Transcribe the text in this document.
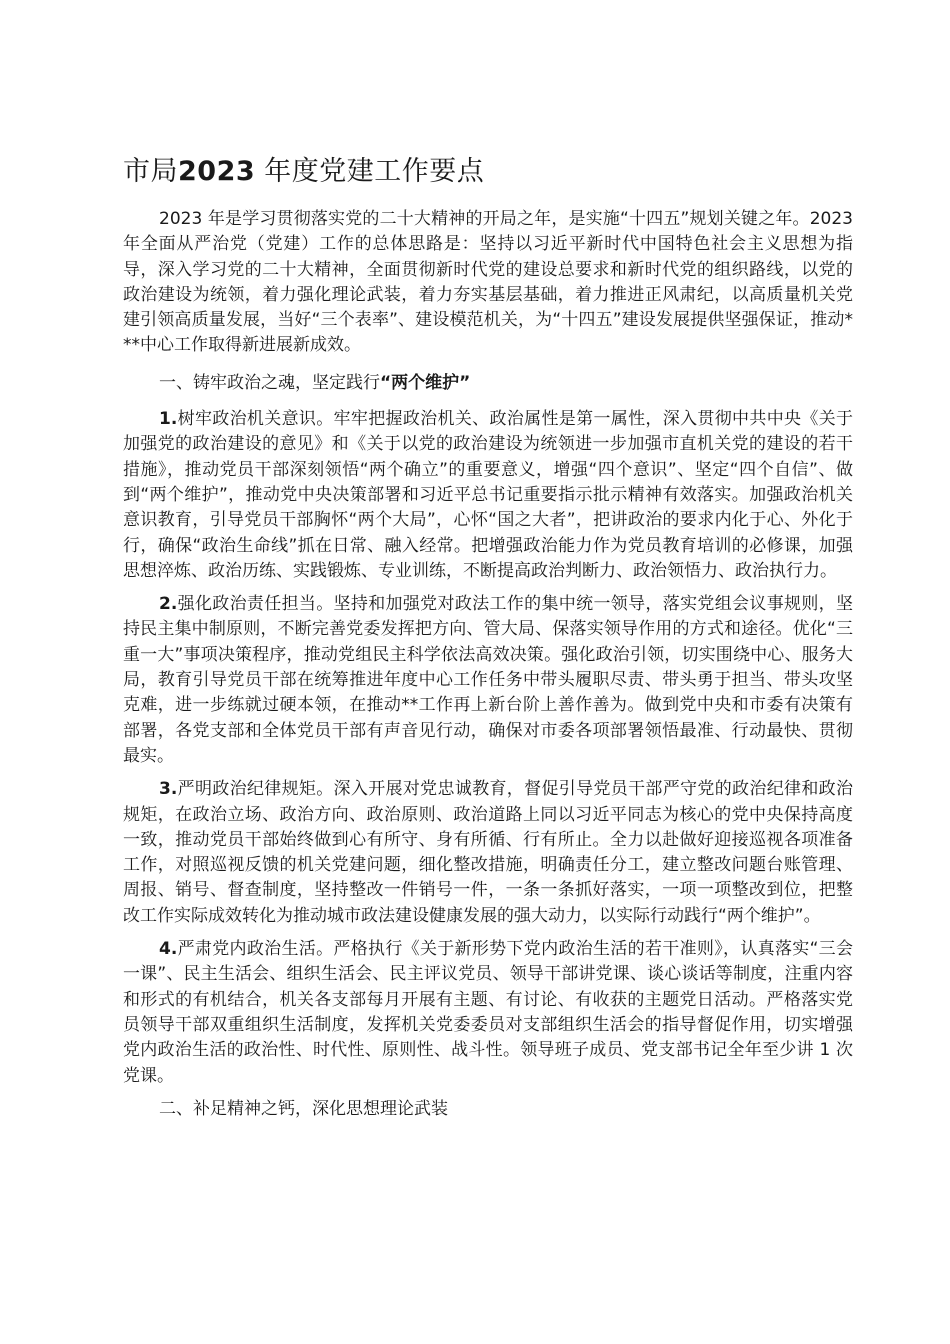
市局2023 年度党建工作要点

2023 年是学习贯彻落实党的二十大精神的开局之年，是实施“十四五”规划关键之年。2023 年全面从严治党（党建）工作的总体思路是：坚持以习近平新时代中国特色社会主义思想为指导，深入学习党的二十大精神，全面贯彻新时代党的建设总要求和新时代党的组织路线，以党的政治建设为统领，着力强化理论武装，着力夯实基层基础，着力推进正风肃纪，以高质量机关党建引领高质量发展，当好“三个表率”、建设模范机关，为“十四五”建设发展提供坚强保证，推动***中心工作取得新进展新成效。

一、铸牢政治之魂，坚定践行“两个维护”

1.树牢政治机关意识。牢牢把握政治机关、政治属性是第一属性，深入贯彻中共中央《关于加强党的政治建设的意见》和《关于以党的政治建设为统领进一步加强市直机关党的建设的若干措施》，推动党员干部深刻领悟“两个确立”的重要意义，增强“四个意识”、坚定“四个自信”、做到“两个维护”，推动党中央决策部署和习近平总书记重要指示批示精神有效落实。加强政治机关意识教育，引导党员干部胸怀“两个大局”，心怀“国之大者”，把讲政治的要求内化于心、外化于行，确保“政治生命线”抓在日常、融入经常。把增强政治能力作为党员教育培训的必修课，加强思想淬炼、政治历练、实践锻炼、专业训练，不断提高政治判断力、政治领悟力、政治执行力。

2.强化政治责任担当。坚持和加强党对政法工作的集中统一领导，落实党组会议事规则，坚持民主集中制原则，不断完善党委发挥把方向、管大局、保落实领导作用的方式和途径。优化“三重一大”事项决策程序，推动党组民主科学依法高效决策。强化政治引领，切实围绕中心、服务大局，教育引导党员干部在统筹推进年度中心工作任务中带头履职尽责、带头勇于担当、带头攻坚克难，进一步练就过硬本领，在推动**工作再上新台阶上善作善为。做到党中央和市委有决策有部署，各党支部和全体党员干部有声音见行动，确保对市委各项部署领悟最准、行动最快、贯彻最实。

3.严明政治纪律规矩。深入开展对党忠诚教育，督促引导党员干部严守党的政治纪律和政治规矩，在政治立场、政治方向、政治原则、政治道路上同以习近平同志为核心的党中央保持高度一致，推动党员干部始终做到心有所守、身有所循、行有所止。全力以赴做好迎接巡视各项准备工作，对照巡视反馈的机关党建问题，细化整改措施，明确责任分工，建立整改问题台账管理、周报、销号、督查制度，坚持整改一件销号一件，一条一条抓好落实，一项一项整改到位，把整改工作实际成效转化为推动城市政法建设健康发展的强大动力，以实际行动践行“两个维护”。

4.严肃党内政治生活。严格执行《关于新形势下党内政治生活的若干准则》，认真落实“三会一课”、民主生活会、组织生活会、民主评议党员、领导干部讲党课、谈心谈话等制度，注重内容和形式的有机结合，机关各支部每月开展有主题、有讨论、有收获的主题党日活动。严格落实党员领导干部双重组织生活制度，发挥机关党委委员对支部组织生活会的指导督促作用，切实增强党内政治生活的政治性、时代性、原则性、战斗性。领导班子成员、党支部书记全年至少讲 1 次党课。

二、补足精神之钙，深化思想理论武装
